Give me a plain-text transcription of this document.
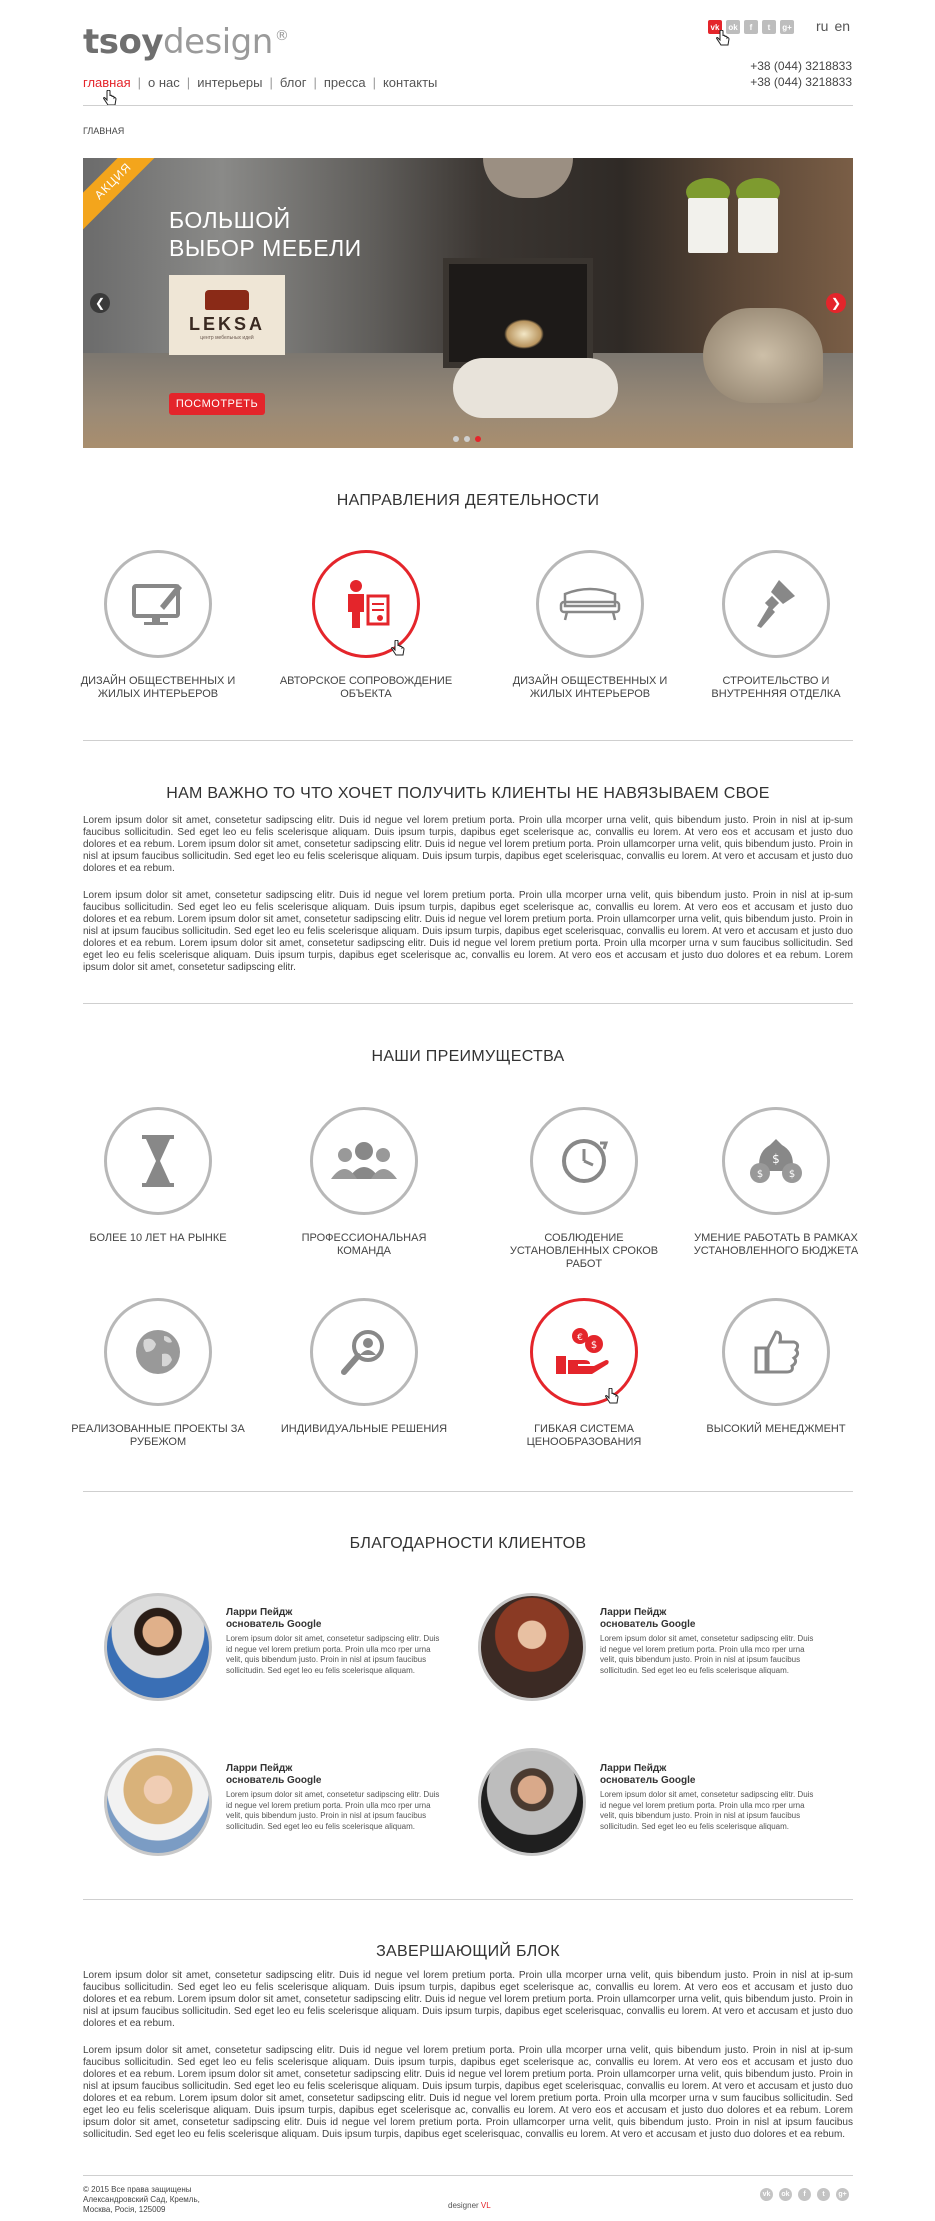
tsoydesign ®
главная | о нас | интерьеры | блог | пресса | контакты
vk	ok	f	t	g+ ru en
+38 (044) 3218833
+38 (044) 3218833
ГЛАВНАЯ
АКЦИЯ
БОЛЬШОЙ
ВЫБОР МЕБЕЛИ
LEKSA
центр мебельных идей
ПОСМОТРЕТЬ
❮	❯
НАПРАВЛЕНИЯ ДЕЯТЕЛЬНОСТИ
ДИЗАЙН ОБЩЕСТВЕННЫХ И ЖИЛЫХ ИНТЕРЬЕРОВ
АВТОРСКОЕ СОПРОВОЖДЕНИЕ ОБЪЕКТА
ДИЗАЙН ОБЩЕСТВЕННЫХ И ЖИЛЫХ ИНТЕРЬЕРОВ
СТРОИТЕЛЬСТВО И ВНУТРЕННЯЯ ОТДЕЛКА
НАМ ВАЖНО ТО ЧТО ХОЧЕТ ПОЛУЧИТЬ КЛИЕНТЫ НЕ НАВЯЗЫВАЕМ СВОЕ
Lorem ipsum dolor sit amet, consetetur sadipscing elitr. Duis id negue vel lorem pretium porta. Proin ulla mcorper urna velit, quis bibendum justo. Proin in nisl at ip-sum faucibus sollicitudin. Sed eget leo eu felis scelerisque aliquam. Duis ipsum turpis, dapibus eget scelerisque ac, convallis eu lorem. At vero eos et accusam et justo duo dolores et ea rebum. Lorem ipsum dolor sit amet, consetetur sadipscing elitr. Duis id negue vel lorem pretium porta. Proin ullamcorper urna velit, quis bibendum justo. Proin in nisl at ipsum faucibus sollicitudin. Sed eget leo eu felis scelerisque aliquam. Duis ipsum turpis, dapibus eget scelerisquac, convallis eu lorem. At vero et accusam et justo duo dolores et ea rebum.
Lorem ipsum dolor sit amet, consetetur sadipscing elitr. Duis id negue vel lorem pretium porta. Proin ulla mcorper urna velit, quis bibendum justo. Proin in nisl at ip-sum faucibus sollicitudin. Sed eget leo eu felis scelerisque aliquam. Duis ipsum turpis, dapibus eget scelerisque ac, convallis eu lorem. At vero eos et accusam et justo duo dolores et ea rebum. Lorem ipsum dolor sit amet, consetetur sadipscing elitr. Duis id negue vel lorem pretium porta. Proin ullamcorper urna velit, quis bibendum justo. Proin in nisl at ipsum faucibus sollicitudin. Sed eget leo eu felis scelerisque aliquam. Duis ipsum turpis, dapibus eget scelerisquac, convallis eu lorem. At vero et accusam et justo duo dolores et ea rebum. Lorem ipsum dolor sit amet, consetetur sadipscing elitr. Duis id negue vel lorem pretium porta. Proin ulla mcorper urna v sum faucibus sollicitudin. Sed eget leo eu felis scelerisque aliquam. Duis ipsum turpis, dapibus eget scelerisque ac, convallis eu lorem. At vero eos et accusam et justo duo dolores et ea rebum. Lorem ipsum dolor sit amet, consetetur sadipscing elitr.
НАШИ ПРЕИМУЩЕСТВА
БОЛЕЕ 10 ЛЕТ НА РЫНКЕ	ПРОФЕССИОНАЛЬНАЯ КОМАНДА
СОБЛЮДЕНИЕ УСТАНОВЛЕННЫХ СРОКОВ РАБОТ
$
$	$
УМЕНИЕ РАБОТАТЬ В РАМКАХ УСТАНОВЛЕННОГО БЮДЖЕТА
РЕАЛИЗОВАННЫЕ ПРОЕКТЫ ЗА РУБЕЖОМ
ИНДИВИДУАЛЬНЫЕ РЕШЕНИЯ
€
$
ГИБКАЯ СИСТЕМА ЦЕНООБРАЗОВАНИЯ
ВЫСОКИЙ МЕНЕДЖМЕНТ
БЛАГОДАРНОСТИ КЛИЕНТОВ
Ларри Пейдж
основатель Google
Lorem ipsum dolor sit amet, consetetur sadipscing elitr. Duis id negue vel lorem pretium porta. Proin ulla mco rper urna velit, quis bibendum justo. Proin in nisl at ipsum faucibus sollicitudin. Sed eget leo eu felis scelerisque aliquam.
Ларри Пейдж
основатель Google
Lorem ipsum dolor sit amet, consetetur sadipscing elitr. Duis id negue vel lorem pretium porta. Proin ulla mco rper urna velit, quis bibendum justo. Proin in nisl at ipsum faucibus sollicitudin. Sed eget leo eu felis scelerisque aliquam.
Ларри Пейдж
основатель Google
Lorem ipsum dolor sit amet, consetetur sadipscing elitr. Duis id negue vel lorem pretium porta. Proin ulla mco rper urna velit, quis bibendum justo. Proin in nisl at ipsum faucibus sollicitudin. Sed eget leo eu felis scelerisque aliquam.
Ларри Пейдж
основатель Google
Lorem ipsum dolor sit amet, consetetur sadipscing elitr. Duis id negue vel lorem pretium porta. Proin ulla mco rper urna velit, quis bibendum justo. Proin in nisl at ipsum faucibus sollicitudin. Sed eget leo eu felis scelerisque aliquam.
ЗАВЕРШАЮЩИЙ БЛОК
Lorem ipsum dolor sit amet, consetetur sadipscing elitr. Duis id negue vel lorem pretium porta. Proin ulla mcorper urna velit, quis bibendum justo. Proin in nisl at ip-sum faucibus sollicitudin. Sed eget leo eu felis scelerisque aliquam. Duis ipsum turpis, dapibus eget scelerisque ac, convallis eu lorem. At vero eos et accusam et justo duo dolores et ea rebum. Lorem ipsum dolor sit amet, consetetur sadipscing elitr. Duis id negue vel lorem pretium porta. Proin ullamcorper urna velit, quis bibendum justo. Proin in nisl at ipsum faucibus sollicitudin. Sed eget leo eu felis scelerisque aliquam. Duis ipsum turpis, dapibus eget scelerisquac, convallis eu lorem. At vero et accusam et justo duo dolores et ea rebum.
Lorem ipsum dolor sit amet, consetetur sadipscing elitr. Duis id negue vel lorem pretium porta. Proin ulla mcorper urna velit, quis bibendum justo. Proin in nisl at ip-sum faucibus sollicitudin. Sed eget leo eu felis scelerisque aliquam. Duis ipsum turpis, dapibus eget scelerisque ac, convallis eu lorem. At vero eos et accusam et justo duo dolores et ea rebum. Lorem ipsum dolor sit amet, consetetur sadipscing elitr. Duis id negue vel lorem pretium porta. Proin ullamcorper urna velit, quis bibendum justo. Proin in nisl at ipsum faucibus sollicitudin. Sed eget leo eu felis scelerisque aliquam. Duis ipsum turpis, dapibus eget scelerisquac, convallis eu lorem. At vero et accusam et justo duo dolores et ea rebum. Lorem ipsum dolor sit amet, consetetur sadipscing elitr. Duis id negue vel lorem pretium porta. Proin ulla mcorper urna v sum faucibus sollicitudin. Sed eget leo eu felis scelerisque aliquam. Duis ipsum turpis, dapibus eget scelerisque ac, convallis eu lorem. At vero eos et accusam et justo duo dolores et ea rebum. Lorem ipsum dolor sit amet, consetetur sadipscing elitr. Duis id negue vel lorem pretium porta. Proin ullamcorper urna velit, quis bibendum justo. Proin in nisl at ipsum faucibus sollicitudin. Sed eget leo eu felis scelerisque aliquam. Duis ipsum turpis, dapibus eget scelerisquac, convallis eu lorem. At vero et accusam et justo duo dolores et ea rebum.
© 2015 Все права защищены
Александровский Сад, Кремль,
Москва, Росія, 125009	designer VL
vk	ok	f	t	g+
